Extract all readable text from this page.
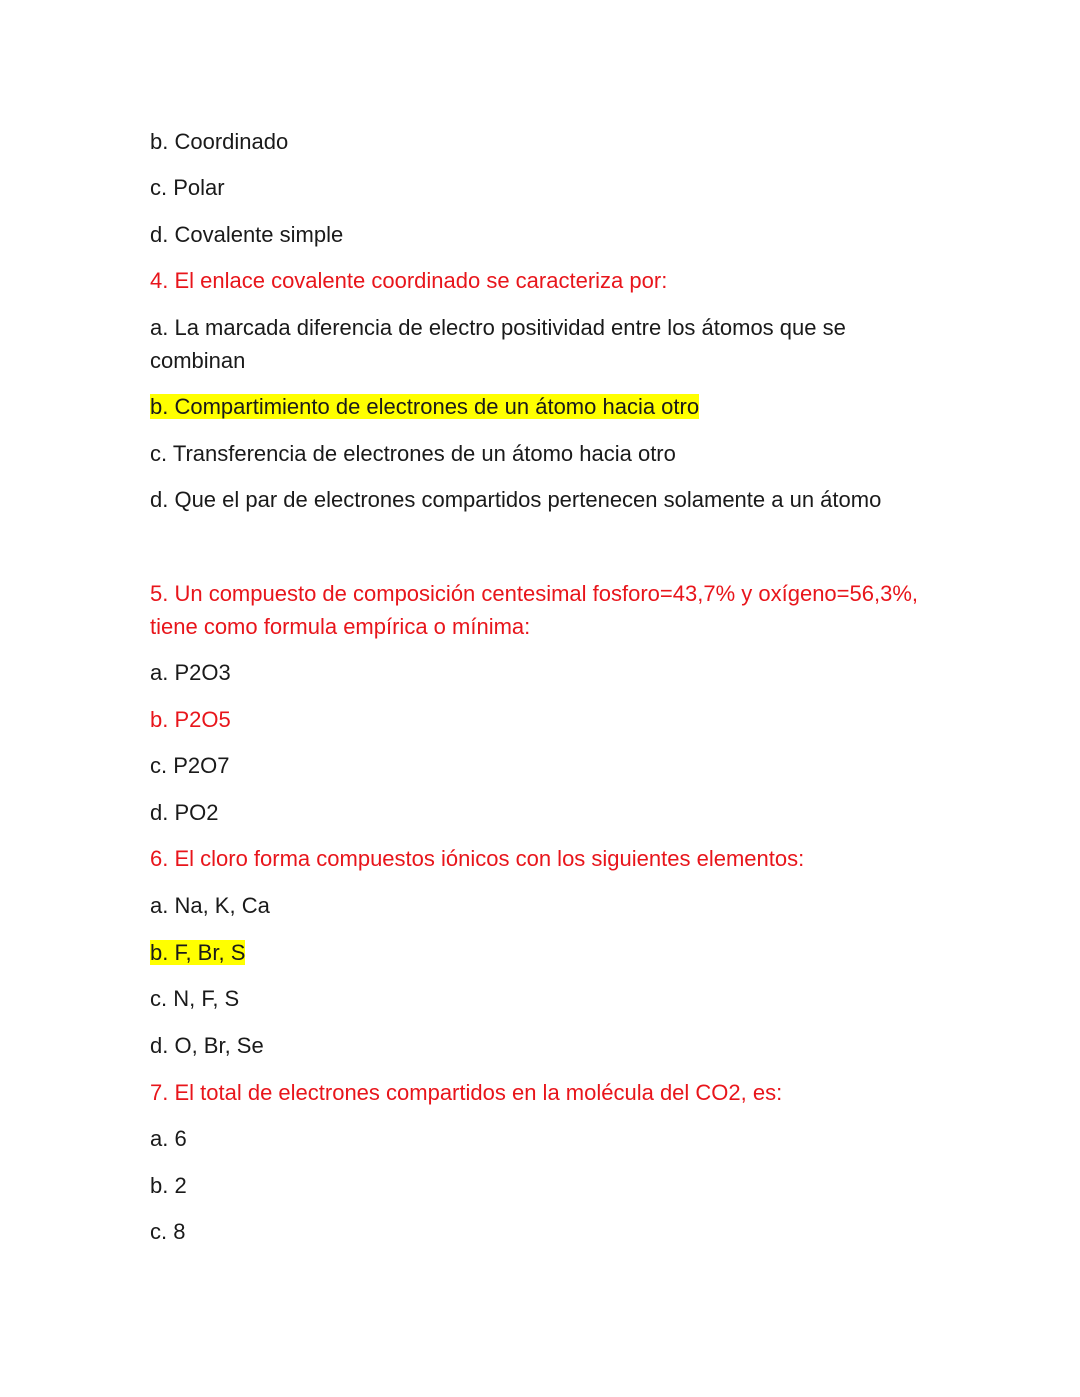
b. Coordinado
c. Polar
d. Covalente simple
4. El enlace covalente coordinado se caracteriza por:
a. La marcada diferencia de electro positividad entre los átomos que se combinan
b. Compartimiento de electrones de un átomo hacia otro
c. Transferencia de electrones de un átomo hacia otro
d. Que el par de electrones compartidos pertenecen solamente a un átomo
5. Un compuesto de composición centesimal fosforo=43,7% y oxígeno=56,3%, tiene como formula empírica o mínima:
a. P2O3
b. P2O5
c. P2O7
d. PO2
6. El cloro forma compuestos iónicos con los siguientes elementos:
a. Na, K, Ca
b. F, Br, S
c. N, F, S
d. O, Br, Se
7. El total de electrones compartidos en la molécula del CO2, es:
a. 6
b. 2
c. 8
